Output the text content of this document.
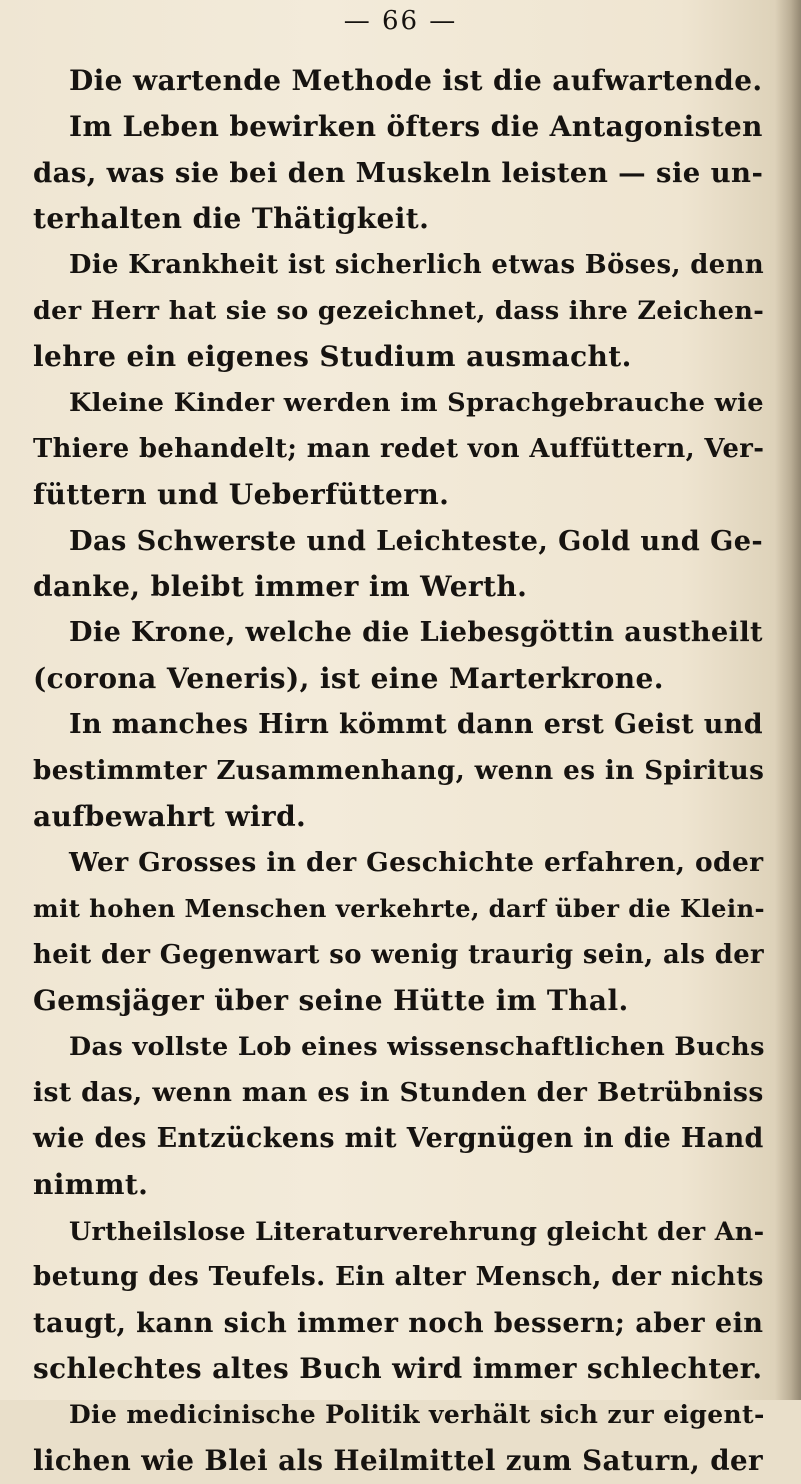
— 66 —
Die wartende Methode ist die aufwartende.
Im Leben bewirken öfters die Antagonisten
das, was sie bei den Muskeln leisten — sie un-
terhalten die Thätigkeit.
Die Krankheit ist sicherlich etwas Böses, denn
der Herr hat sie so gezeichnet, dass ihre Zeichen-
lehre ein eigenes Studium ausmacht.
Kleine Kinder werden im Sprachgebrauche wie
Thiere behandelt; man redet von Auffüttern, Ver-
füttern und Ueberfüttern.
Das Schwerste und Leichteste, Gold und Ge-
danke, bleibt immer im Werth.
Die Krone, welche die Liebesgöttin austheilt
(corona Veneris), ist eine Marterkrone.
In manches Hirn kömmt dann erst Geist und
bestimmter Zusammenhang, wenn es in Spiritus
aufbewahrt wird.
Wer Grosses in der Geschichte erfahren, oder
mit hohen Menschen verkehrte, darf über die Klein-
heit der Gegenwart so wenig traurig sein, als der
Gemsjäger über seine Hütte im Thal.
Das vollste Lob eines wissenschaftlichen Buchs
ist das, wenn man es in Stunden der Betrübniss
wie des Entzückens mit Vergnügen in die Hand
nimmt.
Urtheilslose Literaturverehrung gleicht der An-
betung des Teufels. Ein alter Mensch, der nichts
taugt, kann sich immer noch bessern; aber ein
schlechtes altes Buch wird immer schlechter.
Die medicinische Politik verhält sich zur eigent-
lichen wie Blei als Heilmittel zum Saturn, der
